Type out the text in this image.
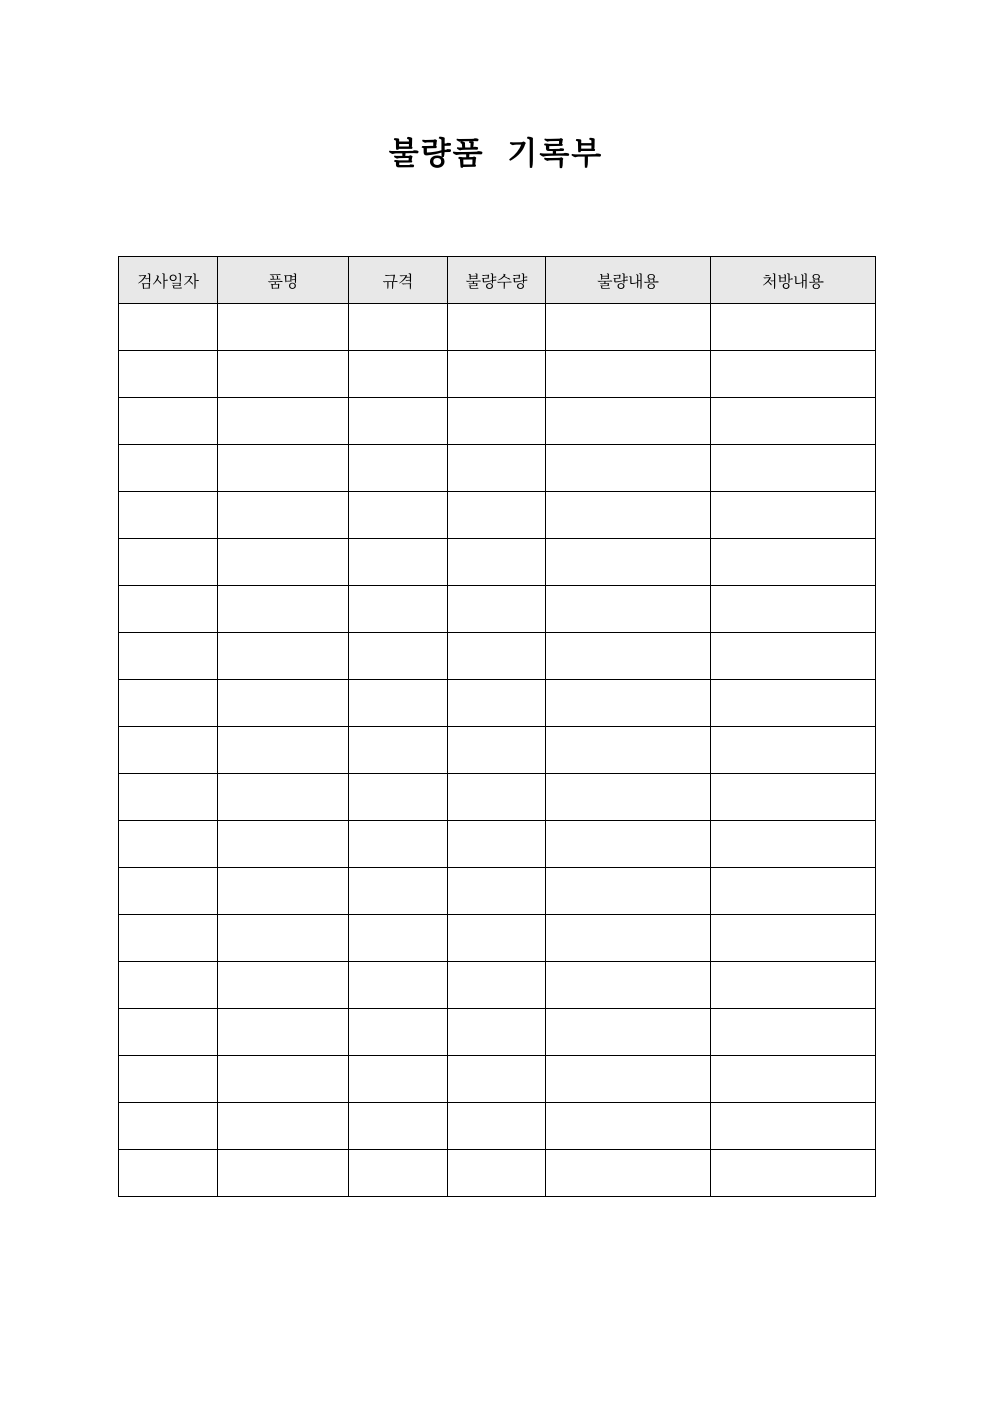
불량품 기록부
검사일자	품명	규격	불량수량	불량내용	처방내용
